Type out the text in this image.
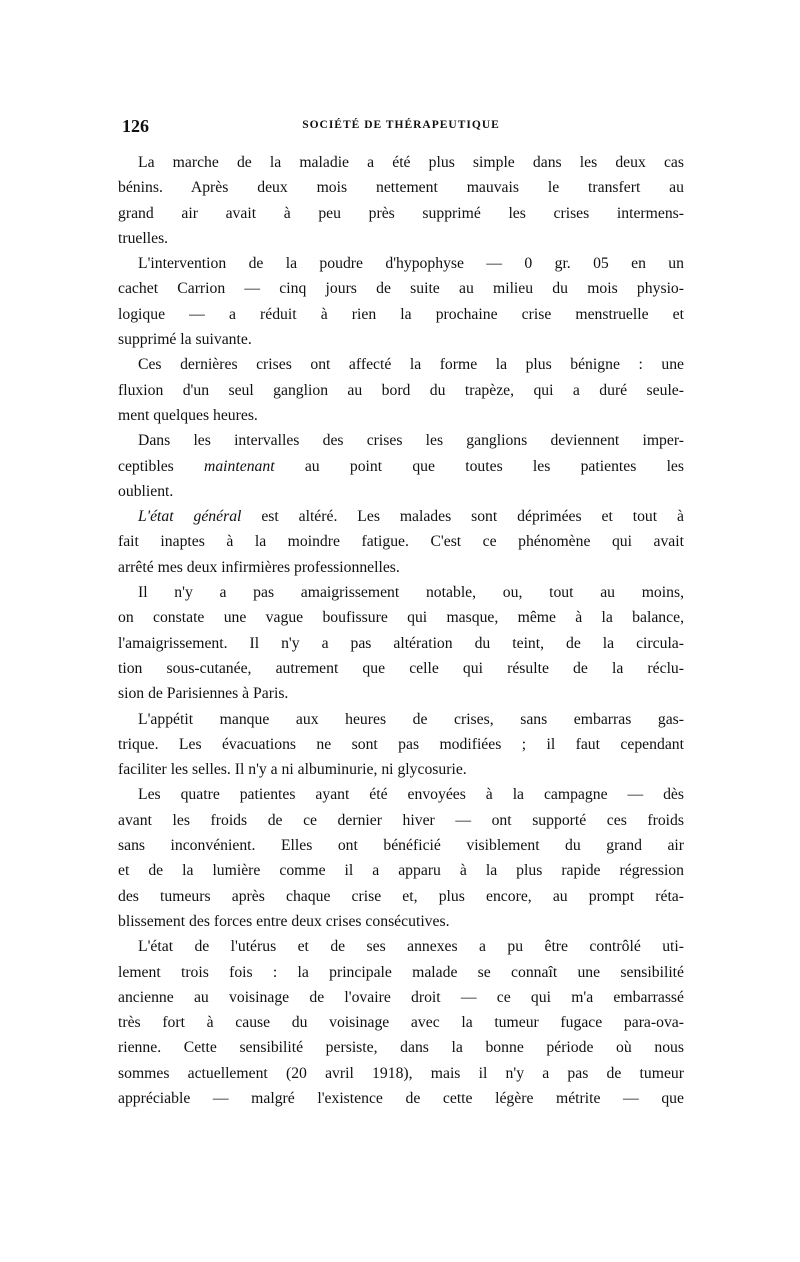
126	SOCIÉTÉ DE THÉRAPEUTIQUE
La marche de la maladie a été plus simple dans les deux cas
bénins. Après deux mois nettement mauvais le transfert au
grand air avait à peu près supprimé les crises intermens-
truelles.
L'intervention de la poudre d'hypophyse — 0 gr. 05 en un
cachet Carrion — cinq jours de suite au milieu du mois physio-
logique — a réduit à rien la prochaine crise menstruelle et
supprimé la suivante.
Ces dernières crises ont affecté la forme la plus bénigne : une
fluxion d'un seul ganglion au bord du trapèze, qui a duré seule-
ment quelques heures.
Dans les intervalles des crises les ganglions deviennent imper-
ceptibles maintenant au point que toutes les patientes les
oublient.
L'état général est altéré. Les malades sont déprimées et tout à
fait inaptes à la moindre fatigue. C'est ce phénomène qui avait
arrêté mes deux infirmières professionnelles.
Il n'y a pas amaigrissement notable, ou, tout au moins,
on constate une vague boufissure qui masque, même à la balance,
l'amaigrissement. Il n'y a pas altération du teint, de la circula-
tion sous-cutanée, autrement que celle qui résulte de la réclu-
sion de Parisiennes à Paris.
L'appétit manque aux heures de crises, sans embarras gas-
trique. Les évacuations ne sont pas modifiées ; il faut cependant
faciliter les selles. Il n'y a ni albuminurie, ni glycosurie.
Les quatre patientes ayant été envoyées à la campagne — dès
avant les froids de ce dernier hiver — ont supporté ces froids
sans inconvénient. Elles ont bénéficié visiblement du grand air
et de la lumière comme il a apparu à la plus rapide régression
des tumeurs après chaque crise et, plus encore, au prompt réta-
blissement des forces entre deux crises consécutives.
L'état de l'utérus et de ses annexes a pu être contrôlé uti-
lement trois fois : la principale malade se connaît une sensibilité
ancienne au voisinage de l'ovaire droit — ce qui m'a embarrassé
très fort à cause du voisinage avec la tumeur fugace para-ova-
rienne. Cette sensibilité persiste, dans la bonne période où nous
sommes actuellement (20 avril 1918), mais il n'y a pas de tumeur
appréciable — malgré l'existence de cette légère métrite — que
